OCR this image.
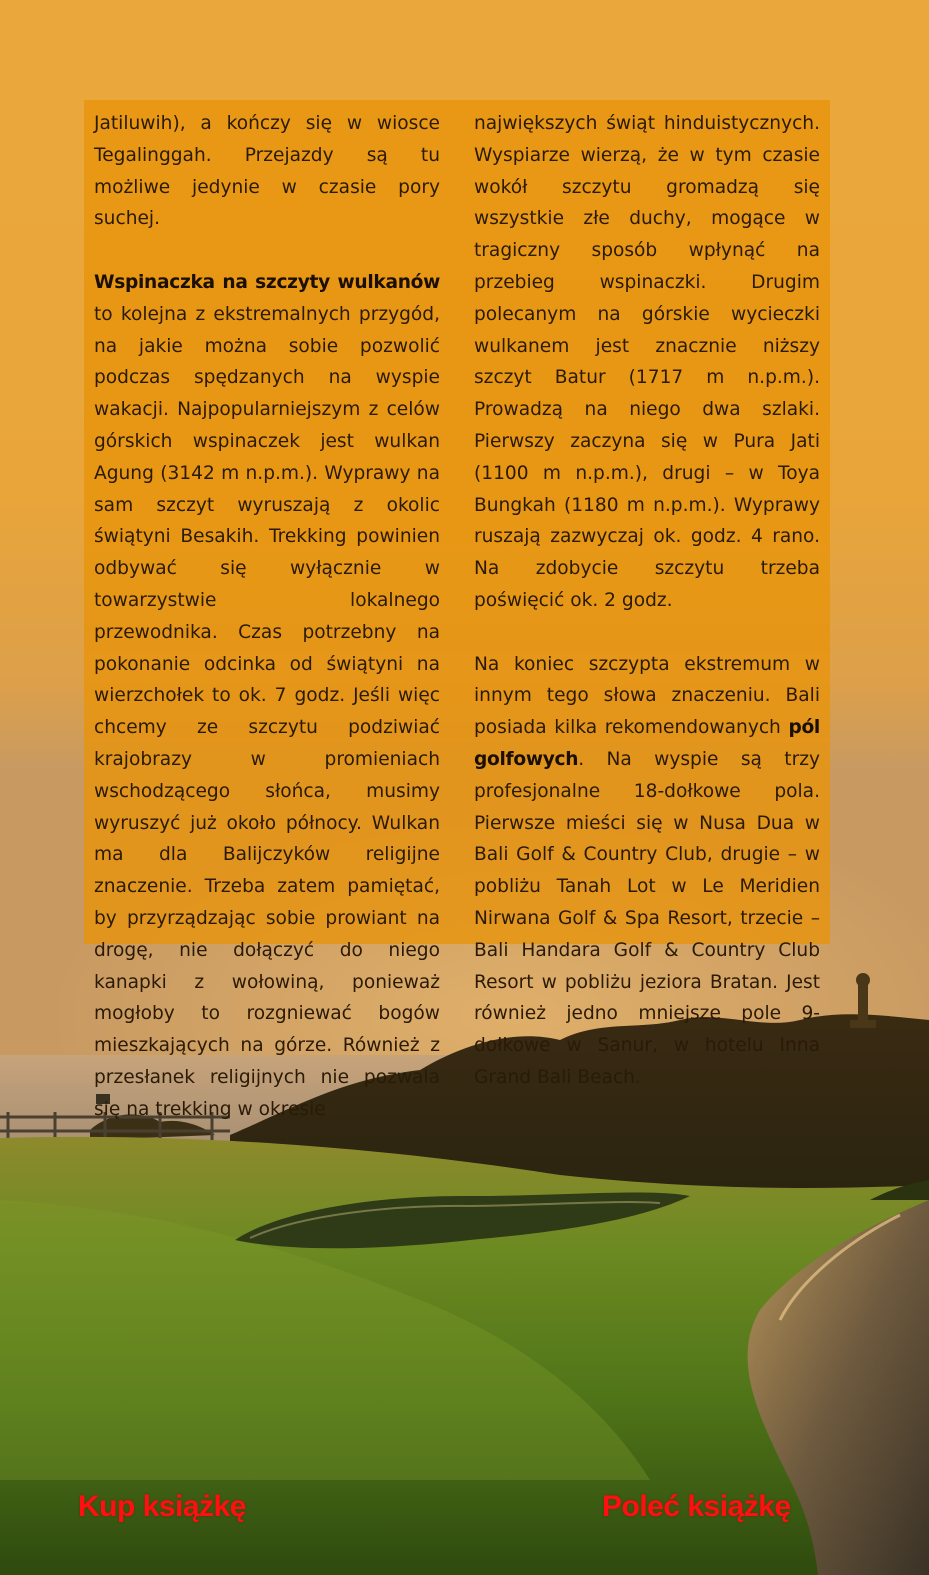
Jatiluwih), a kończy się w wiosce Tegalinggah. Przejazdy są tu możliwe jedynie w czasie pory suchej.

Wspinaczka na szczyty wulkanów to kolejna z ekstremalnych przygód, na jakie można sobie pozwolić podczas spędzanych na wyspie wakacji. Najpopularniejszym z celów górskich wspinaczek jest wulkan Agung (3142 m n.p.m.). Wyprawy na sam szczyt wyruszają z okolic świątyni Besakih. Trekking powinien odbywać się wyłącznie w towarzystwie lokalnego przewodnika. Czas potrzebny na pokonanie odcinka od świątyni na wierzchołek to ok. 7 godz. Jeśli więc chcemy ze szczytu podziwiać krajobrazy w promieniach wschodzącego słońca, musimy wyruszyć już około północy. Wulkan ma dla Balijczyków religijne znaczenie. Trzeba zatem pamiętać, by przyrządzając sobie prowiant na drogę, nie dołączyć do niego kanapki z wołowiną, ponieważ mogłoby to rozgniewać bogów mieszkających na górze. Również z przesłanek religijnych nie pozwala się na trekking w okresie

największych świąt hinduistycznych. Wyspiarze wierzą, że w tym czasie wokół szczytu gromadzą się wszystkie złe duchy, mogące w tragiczny sposób wpłynąć na przebieg wspinaczki. Drugim polecanym na górskie wycieczki wulkanem jest znacznie niższy szczyt Batur (1717 m n.p.m.). Prowadzą na niego dwa szlaki. Pierwszy zaczyna się w Pura Jati (1100 m n.p.m.), drugi – w Toya Bungkah (1180 m n.p.m.). Wyprawy ruszają zazwyczaj ok. godz. 4 rano. Na zdobycie szczytu trzeba poświęcić ok. 2 godz.

Na koniec szczypta ekstremum w innym tego słowa znaczeniu. Bali posiada kilka rekomendowanych pól golfowych. Na wyspie są trzy profesjonalne 18-dołkowe pola. Pierwsze mieści się w Nusa Dua w Bali Golf & Country Club, drugie – w pobliżu Tanah Lot w Le Meridien Nirwana Golf & Spa Resort, trzecie – Bali Handara Golf & Country Club Resort w pobliżu jeziora Bratan. Jest również jedno mniejsze pole 9-dołkowe w Sanur, w hotelu Inna Grand Bali Beach.

Kup książkę	Poleć książkę
